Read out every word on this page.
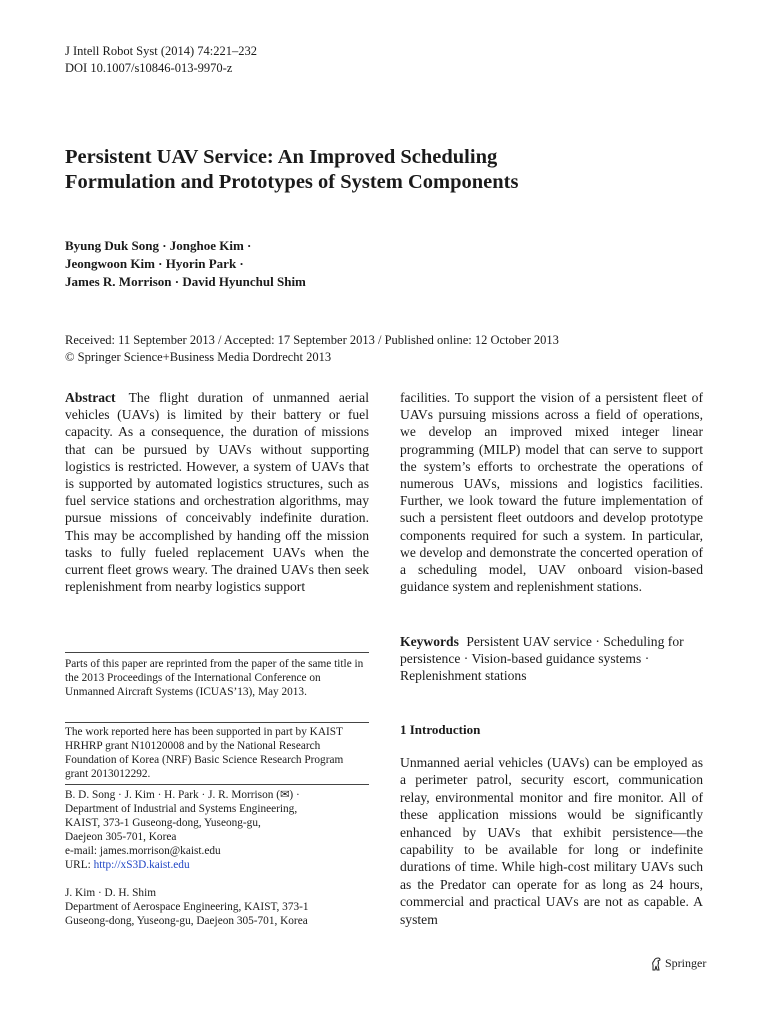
J Intell Robot Syst (2014) 74:221–232
DOI 10.1007/s10846-013-9970-z
Persistent UAV Service: An Improved Scheduling
Formulation and Prototypes of System Components
Byung Duk Song · Jonghoe Kim ·
Jeongwoon Kim · Hyorin Park ·
James R. Morrison · David Hyunchul Shim
Received: 11 September 2013 / Accepted: 17 September 2013 / Published online: 12 October 2013
© Springer Science+Business Media Dordrecht 2013
Abstract The flight duration of unmanned aerial vehicles (UAVs) is limited by their battery or fuel capacity. As a consequence, the duration of missions that can be pursued by UAVs without supporting logistics is restricted. However, a system of UAVs that is supported by automated logistics structures, such as fuel service stations and orchestration algorithms, may pursue missions of conceivably indefinite duration. This may be accomplished by handing off the mission tasks to fully fueled replacement UAVs when the current fleet grows weary. The drained UAVs then seek replenishment from nearby logistics support
facilities. To support the vision of a persistent fleet of UAVs pursuing missions across a field of operations, we develop an improved mixed integer linear programming (MILP) model that can serve to support the system’s efforts to orchestrate the operations of numerous UAVs, missions and logistics facilities. Further, we look toward the future implementation of such a persistent fleet outdoors and develop prototype components required for such a system. In particular, we develop and demonstrate the concerted operation of a scheduling model, UAV onboard vision-based guidance system and replenishment stations.
Keywords Persistent UAV service · Scheduling for persistence · Vision-based guidance systems · Replenishment stations
1 Introduction
Unmanned aerial vehicles (UAVs) can be employed as a perimeter patrol, security escort, communication relay, environmental monitor and fire monitor. All of these application missions would be significantly enhanced by UAVs that exhibit persistence—the capability to be available for long or indefinite durations of time. While high-cost military UAVs such as the Predator can operate for as long as 24 hours, commercial and practical UAVs are not as capable. A system
Parts of this paper are reprinted from the paper of the same title in the 2013 Proceedings of the International Conference on Unmanned Aircraft Systems (ICUAS’13), May 2013.
The work reported here has been supported in part by KAIST HRHRP grant N10120008 and by the National Research Foundation of Korea (NRF) Basic Science Research Program grant 2013012292.
B. D. Song · J. Kim · H. Park · J. R. Morrison (✉) ·
Department of Industrial and Systems Engineering,
KAIST, 373-1 Guseong-dong, Yuseong-gu,
Daejeon 305-701, Korea
e-mail: james.morrison@kaist.edu
URL: http://xS3D.kaist.edu
J. Kim · D. H. Shim
Department of Aerospace Engineering, KAIST, 373-1
Guseong-dong, Yuseong-gu, Daejeon 305-701, Korea
Springer
